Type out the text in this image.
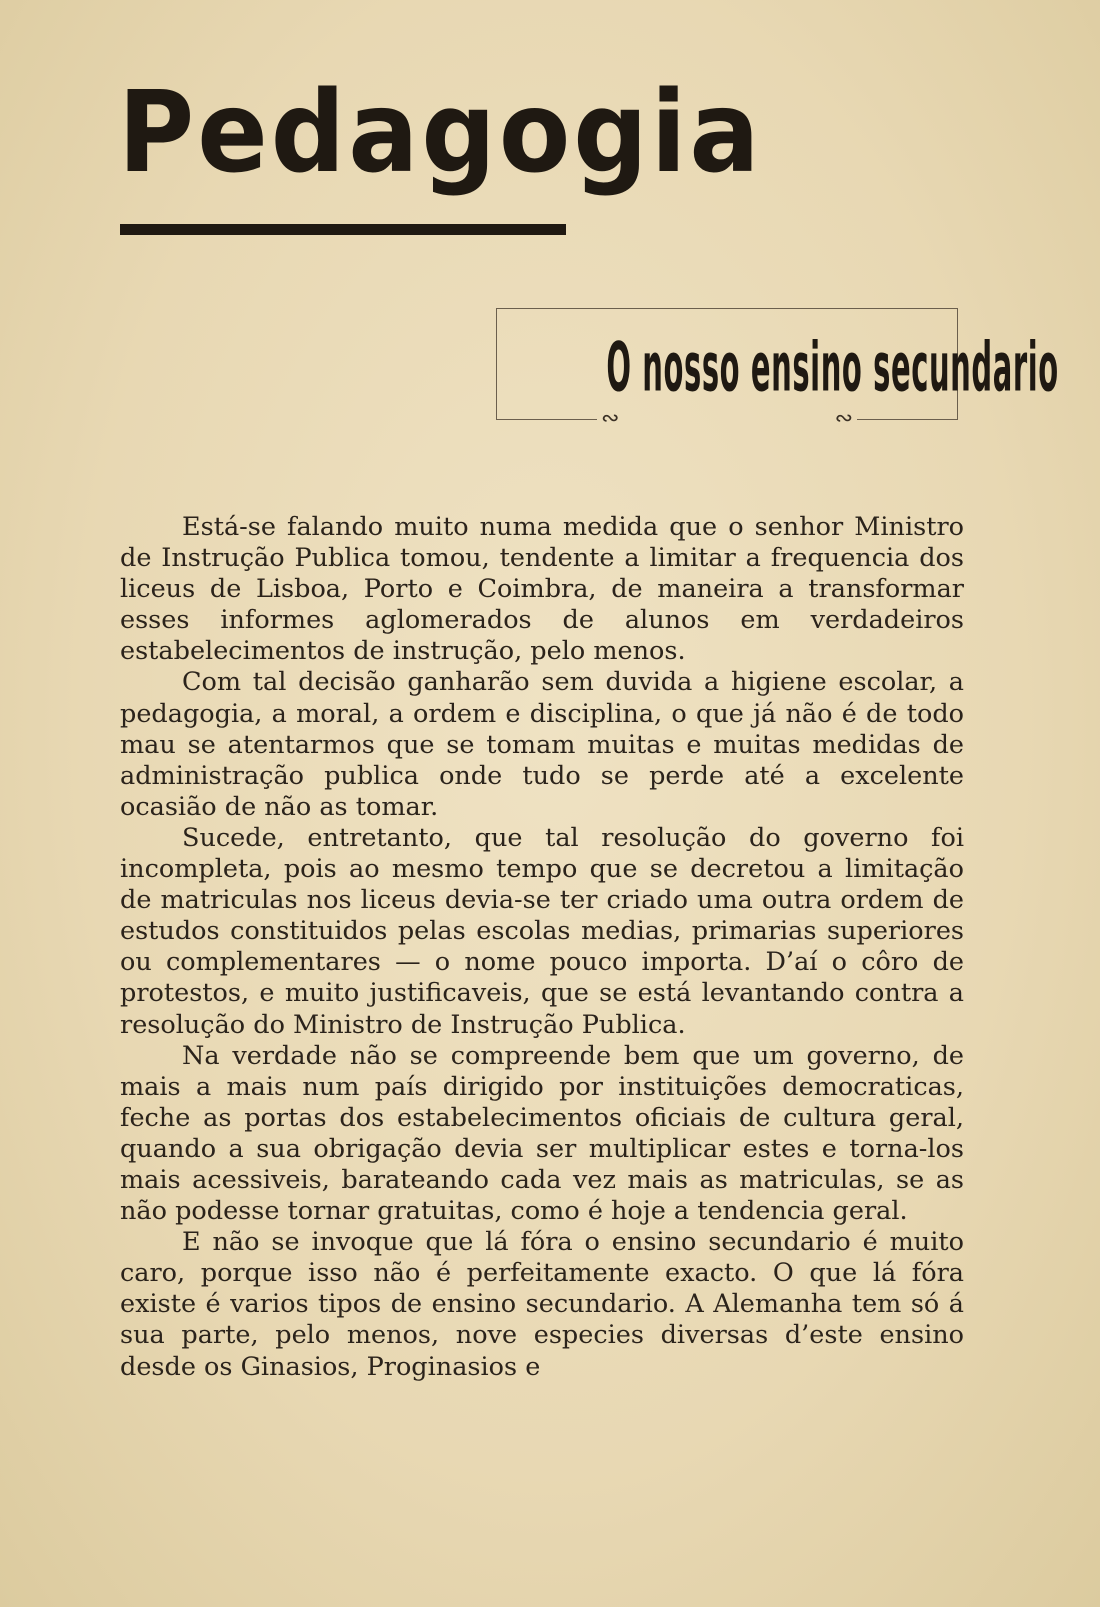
Pedagogia
∾	∾
O nosso ensino secundario

Está-se falando muito numa medida que o senhor Ministro de Instrução Publica tomou, tendente a limitar a frequencia dos liceus de Lisboa, Porto e Coimbra, de maneira a transformar esses informes aglomerados de alunos em verdadeiros estabelecimentos de instrução, pelo menos.

Com tal decisão ganharão sem duvida a higiene escolar, a pedagogia, a moral, a ordem e disciplina, o que já não é de todo mau se atentarmos que se tomam muitas e muitas medidas de administração publica onde tudo se perde até a excelente ocasião de não as tomar.

Sucede, entretanto, que tal resolução do governo foi incompleta, pois ao mesmo tempo que se decretou a limitação de matriculas nos liceus devia-se ter criado uma outra ordem de estudos constituidos pelas escolas medias, primarias superiores ou complementares — o nome pouco importa. D’aí o côro de protestos, e muito justificaveis, que se está levantando contra a resolução do Ministro de Instrução Publica.

Na verdade não se compreende bem que um governo, de mais a mais num país dirigido por instituições democraticas, feche as portas dos estabelecimentos oficiais de cultura geral, quando a sua obrigação devia ser multiplicar estes e torna-los mais acessiveis, barateando cada vez mais as matriculas, se as não podesse tornar gratuitas, como é hoje a tendencia geral.

E não se invoque que lá fóra o ensino secundario é muito caro, porque isso não é perfeitamente exacto. O que lá fóra existe é varios tipos de ensino secundario. A Alemanha tem só á sua parte, pelo menos, nove especies diversas d’este ensino desde os Ginasios, Proginasios e
